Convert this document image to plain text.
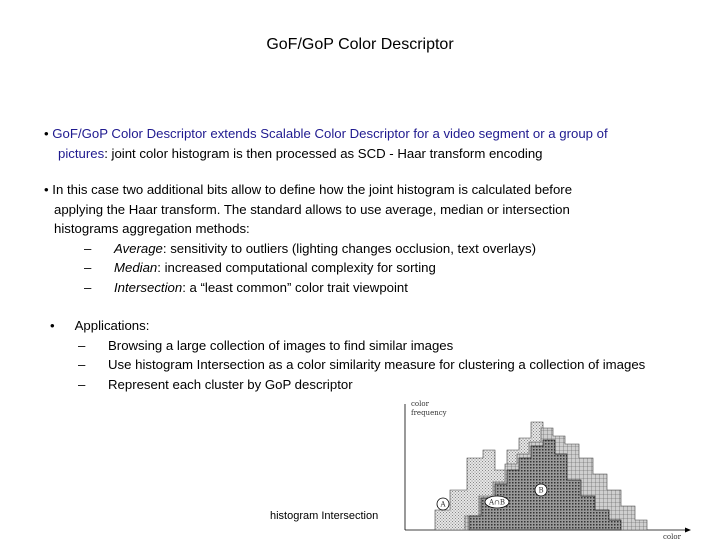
GoF/GoP Color Descriptor
• GoF/GoP Color Descriptor extends Scalable Color Descriptor for a video segment or a group of
pictures: joint color histogram is then processed as SCD - Haar transform encoding
• In this case two additional bits allow to define how the joint histogram is calculated before
applying the Haar transform. The standard allows to use average, median or intersection
histograms aggregation methods:
– Average: sensitivity to outliers (lighting changes occlusion, text overlays)
– Median: increased computational complexity for sorting
– Intersection: a “least common” color trait viewpoint
• Applications:
– Browsing a large collection of images to find similar images
– Use histogram Intersection as a color similarity measure for clustering a collection of images
– Represent each cluster by GoP descriptor
color
frequency
color
A	A∩B
B
histogram Intersection
